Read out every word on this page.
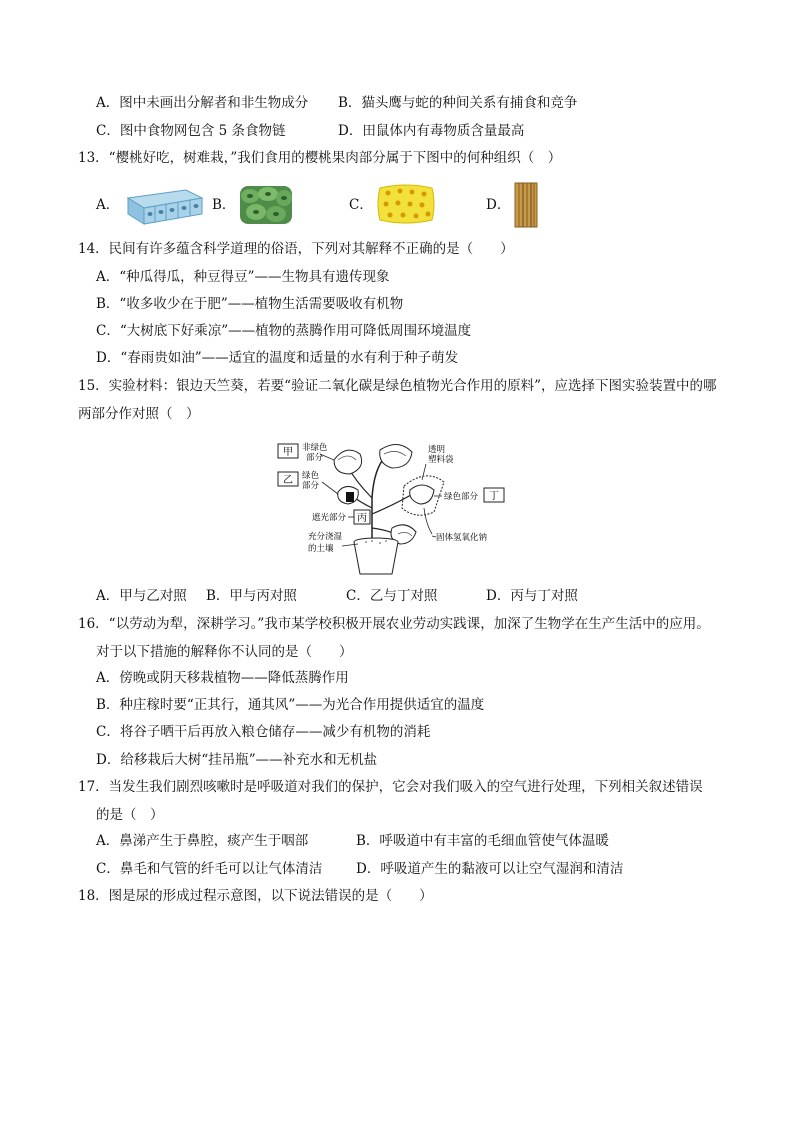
A．图中未画出分解者和非生物成分 B．猫头鹰与蛇的种间关系有捕食和竞争
C．图中食物网包含 5 条食物链	D．田鼠体内有毒物质含量最高
13．“樱桃好吃，树难栽，”我们食用的樱桃果肉部分属于下图中的何种组织（　）
A．	B．	C．	D．
14．民间有许多蕴含科学道理的俗语，下列对其解释不正确的是（　　）
A．“种瓜得瓜，种豆得豆”——生物具有遗传现象
B．“收多收少在于肥”——植物生活需要吸收有机物
C．“大树底下好乘凉”——植物的蒸腾作用可降低周围环境温度
D．“春雨贵如油”——适宜的温度和适量的水有利于种子萌发
15．实验材料：银边天竺葵，若要“验证二氧化碳是绿色植物光合作用的原料”，应选择下图实验装置中的哪
两部分作对照（　）
甲
乙
丙
丁
非绿色
部分
绿色
部分
透明
塑料袋
绿色部分
遮光部分
充分浇湿
的土壤
固体氢氧化钠
A．甲与乙对照 B．甲与丙对照	C．乙与丁对照	D．丙与丁对照
16．“以劳动为犁，深耕学习。”我市某学校积极开展农业劳动实践课，加深了生物学在生产生活中的应用。
对于以下措施的解释你不认同的是（　　）
A．傍晚或阴天移栽植物——降低蒸腾作用
B．种庄稼时要“正其行，通其风”——为光合作用提供适宜的温度
C．将谷子晒干后再放入粮仓储存——减少有机物的消耗
D．给移栽后大树“挂吊瓶”——补充水和无机盐
17．当发生我们剧烈咳嗽时是呼吸道对我们的保护，它会对我们吸入的空气进行处理，下列相关叙述错误
的是（　）
A．鼻涕产生于鼻腔，痰产生于咽部	B．呼吸道中有丰富的毛细血管使气体温暖
C．鼻毛和气管的纤毛可以让气体清洁 D．呼吸道产生的黏液可以让空气湿润和清洁
18．图是尿的形成过程示意图，以下说法错误的是（　　）
